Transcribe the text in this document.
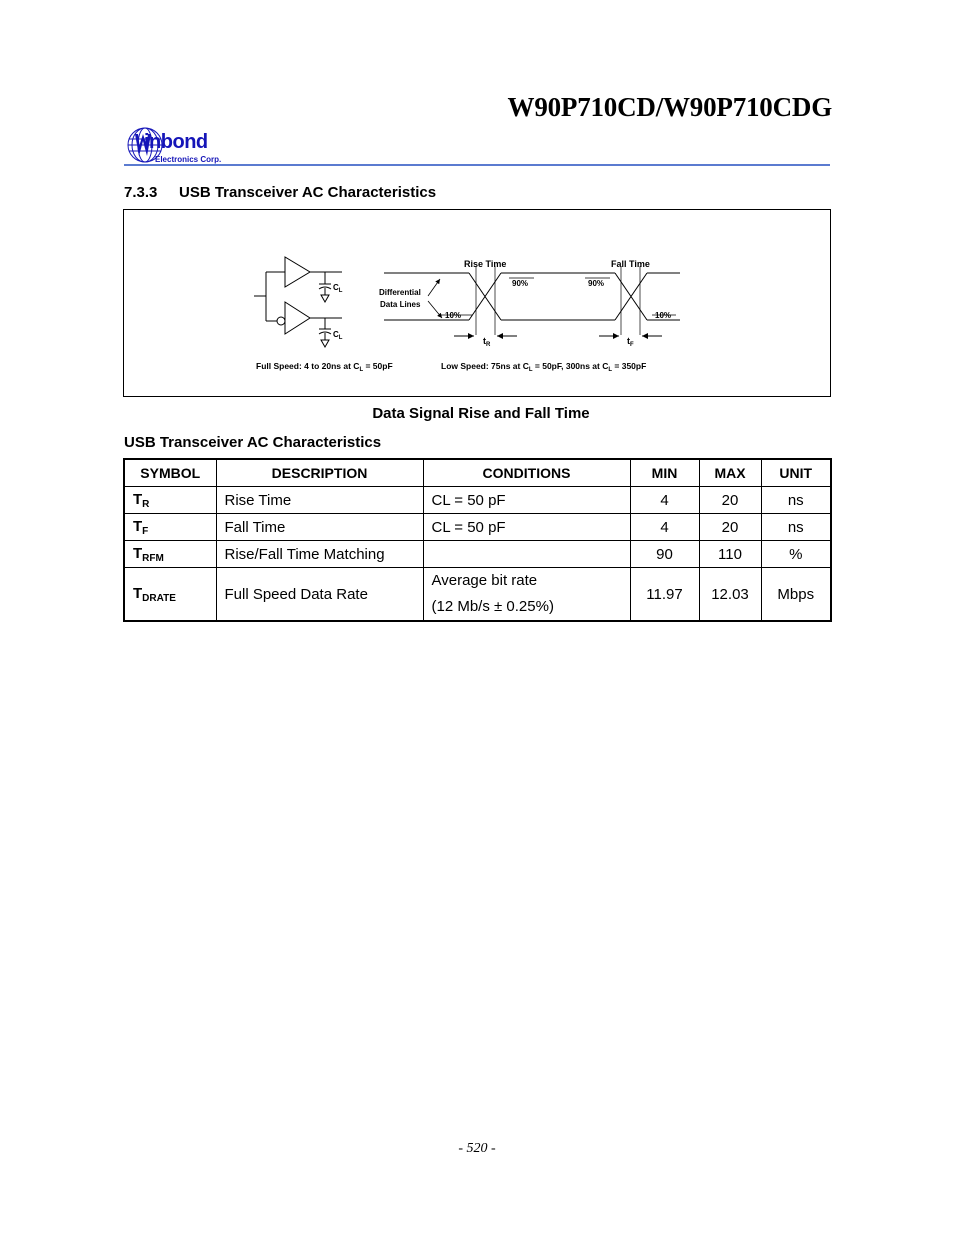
W90P710CD/W90P710CDG
inbond
Electronics Corp.
7.3.3 USB Transceiver AC Characteristics
$C_L$
$C_L$
Rise Time	Fall Time
90%	90%
10%	10%
Differential
Data Lines
$t_R$	$t_F$
Full Speed: 4 to 20ns at $C_L = 50pF$	Low Speed: 75ns at $C_L = 50pF$, 300ns at $C_L = 350pF$
Data Signal Rise and Fall Time
USB Transceiver AC Characteristics
SYMBOL	DESCRIPTION	CONDITIONS	MIN	MAX	UNIT
$T_R$	Rise Time	CL = 50 pF	4	20	ns
$T_F$	Fall Time	CL = 50 pF	4	20	ns
$T_{RFM}$	Rise/Fall Time Matching		90	110	%
$T_{DRATE}$	Full Speed Data Rate	Average bit rate
(12 Mb/s ± 0.25%)	11.97	12.03	Mbps
- 520 -
